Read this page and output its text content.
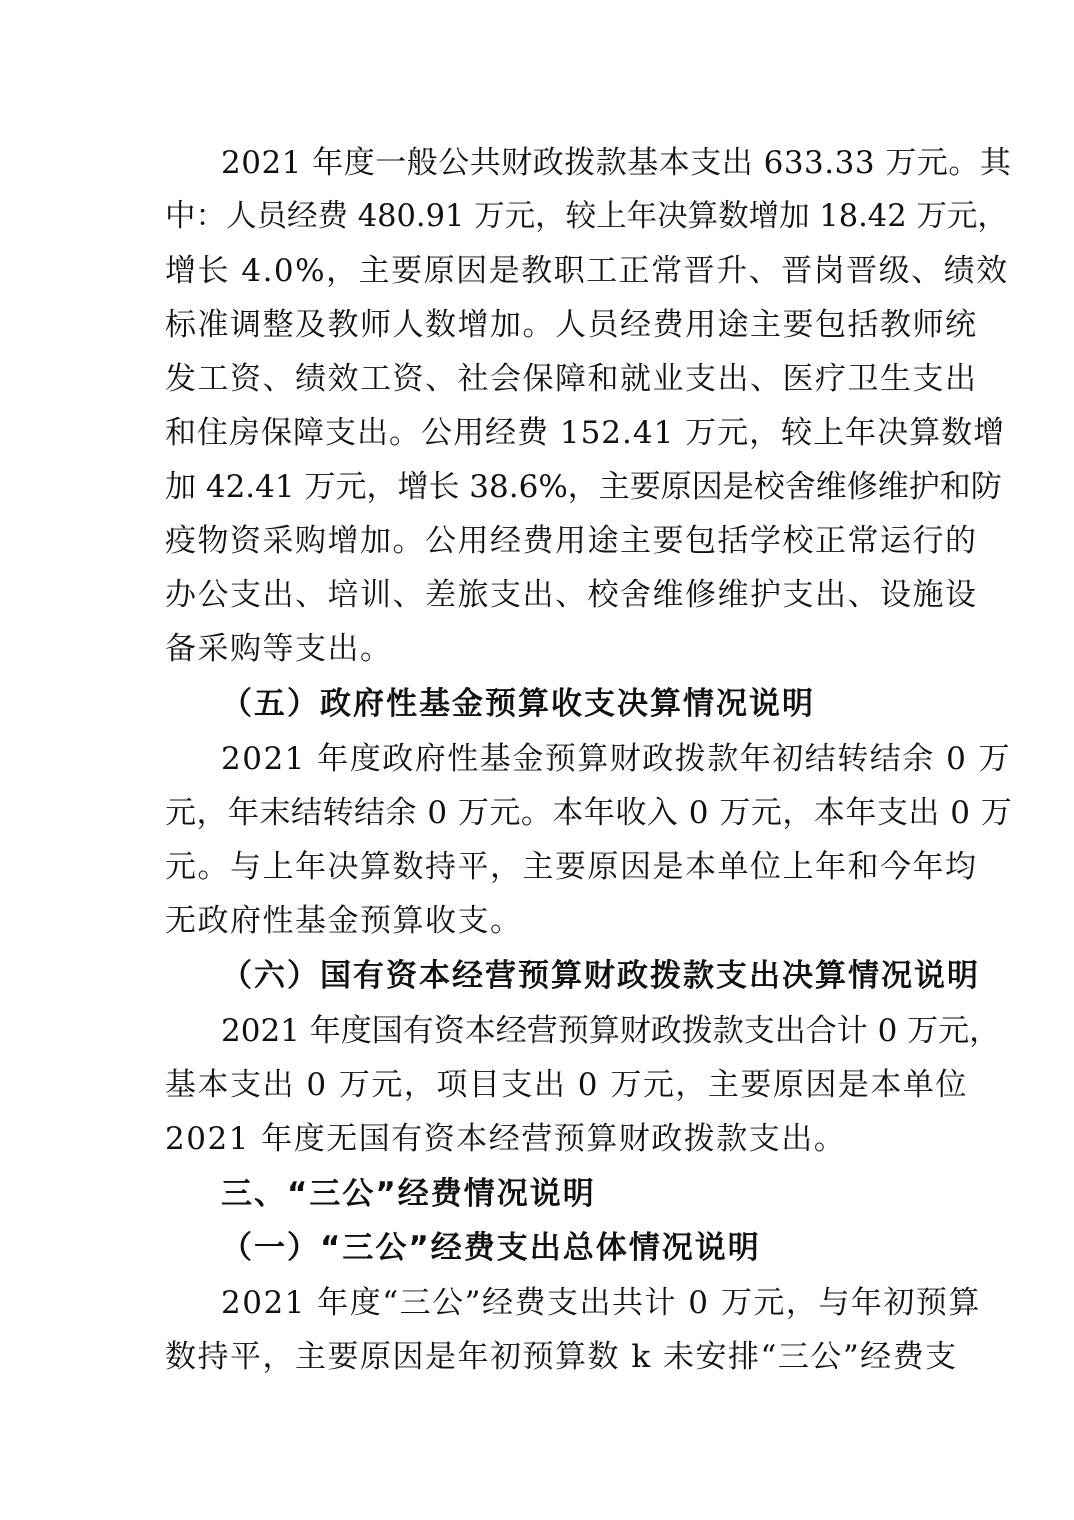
2021 年度一般公共财政拨款基本支出 633.33 万元。其

中：人员经费 480.91 万元，较上年决算数增加 18.42 万元，

增长 4.0%，主要原因是教职工正常晋升、晋岗晋级、绩效

标准调整及教师人数增加。人员经费用途主要包括教师统

发工资、绩效工资、社会保障和就业支出、医疗卫生支出

和住房保障支出。公用经费 152.41 万元，较上年决算数增

加 42.41 万元，增长 38.6%，主要原因是校舍维修维护和防

疫物资采购增加。公用经费用途主要包括学校正常运行的

办公支出、培训、差旅支出、校舍维修维护支出、设施设

备采购等支出。

（五）政府性基金预算收支决算情况说明

2021 年度政府性基金预算财政拨款年初结转结余 0 万

元，年末结转结余 0 万元。本年收入 0 万元，本年支出 0 万

元。与上年决算数持平，主要原因是本单位上年和今年均

无政府性基金预算收支。

（六）国有资本经营预算财政拨款支出决算情况说明

2021 年度国有资本经营预算财政拨款支出合计 0 万元，

基本支出 0 万元，项目支出 0 万元，主要原因是本单位

2021 年度无国有资本经营预算财政拨款支出。

三、“三公”经费情况说明

（一）“三公”经费支出总体情况说明

2021 年度“三公”经费支出共计 0 万元，与年初预算

数持平，主要原因是年初预算数 k 未安排“三公”经费支
